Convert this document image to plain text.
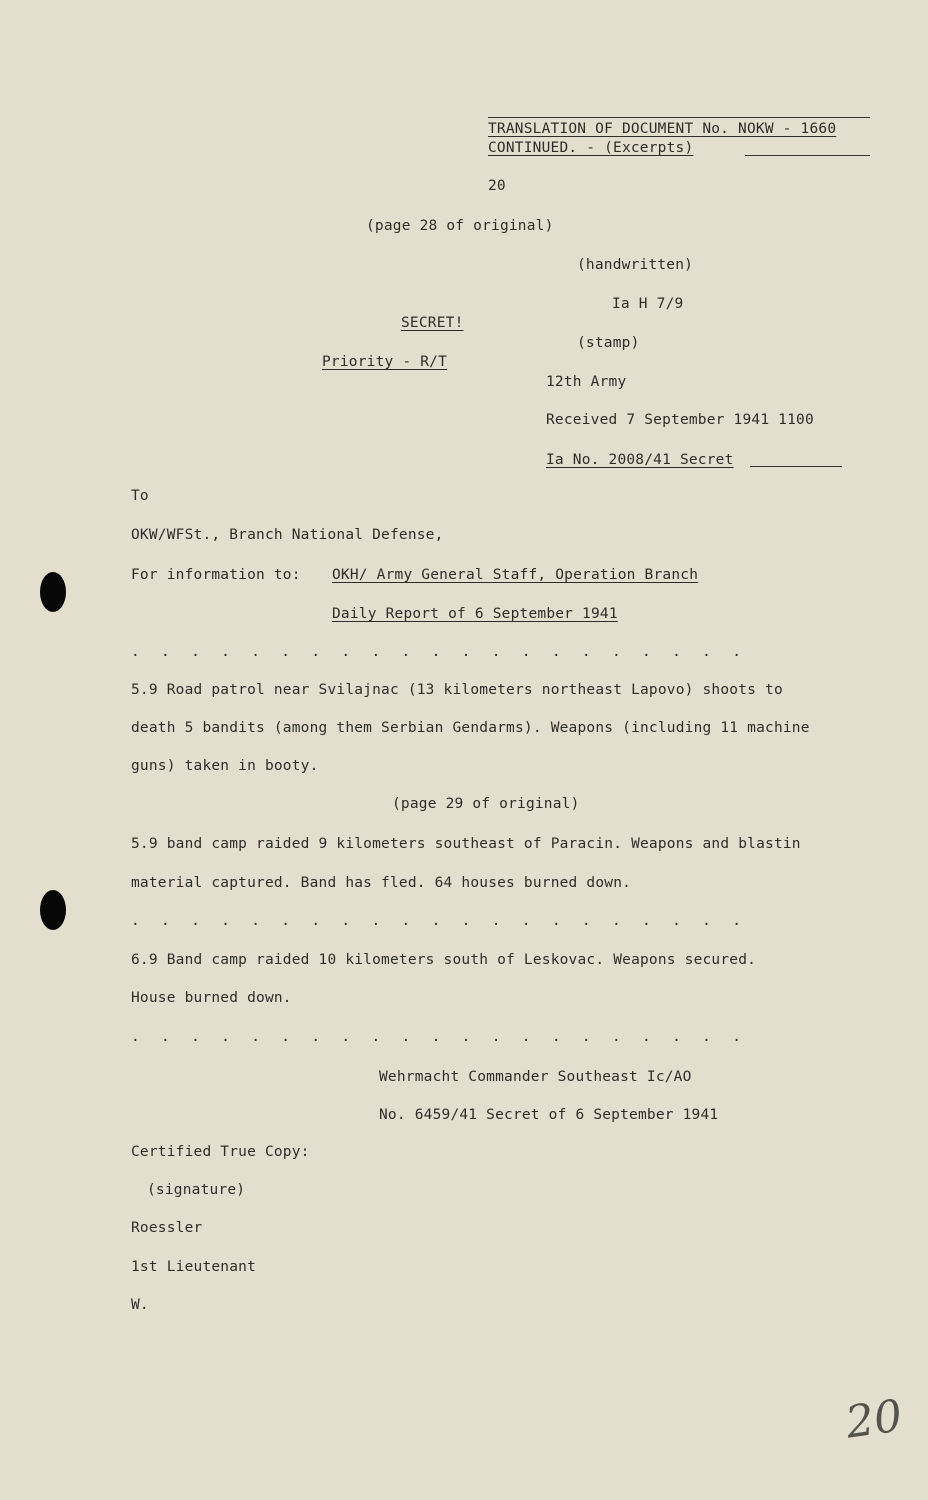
TRANSLATION OF DOCUMENT No. NOKW - 1660
CONTINUED. - (Excerpts)
20
(page 28 of original)
(handwritten)
Ia H 7/9
SECRET!
(stamp)
Priority - R/T
12th Army
Received 7 September 1941 1100
Ia No. 2008/41 Secret
To
OKW/WFSt., Branch National Defense,
For information to: OKH/ Army General Staff, Operation Branch
Daily Report of 6 September 1941
. . . . . . . . . . . . . . . . . . . . .
5.9 Road patrol near Svilajnac (13 kilometers northeast Lapovo) shoots to
death 5 bandits (among them Serbian Gendarms). Weapons (including 11 machine
guns) taken in booty.
(page 29 of original)
5.9 band camp raided 9 kilometers southeast of Paracin. Weapons and blastin
material captured. Band has fled. 64 houses burned down.
. . . . . . . . . . . . . . . . . . . . .
6.9 Band camp raided 10 kilometers south of Leskovac. Weapons secured.
House burned down.
. . . . . . . . . . . . . . . . . . . . .
Wehrmacht Commander Southeast Ic/AO
No. 6459/41 Secret of 6 September 1941
Certified True Copy:
(signature)
Roessler
1st Lieutenant
W.
20
